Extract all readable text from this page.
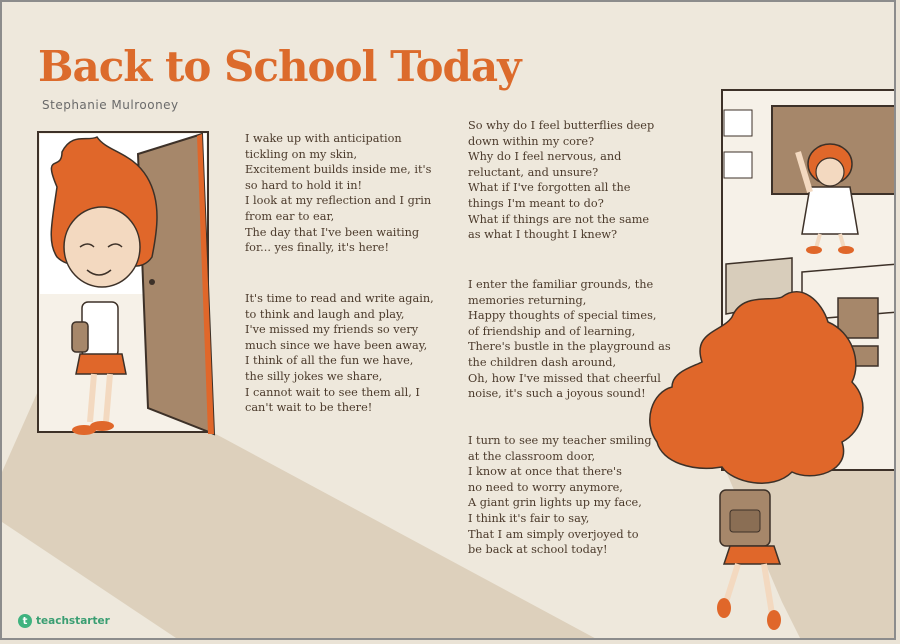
Back to School Today
Stephanie Mulrooney

I wake up with anticipation
tickling on my skin,
Excitement builds inside me, it's
so hard to hold it in!
I look at my reflection and I grin
from ear to ear,
The day that I've been waiting
for... yes finally, it's here!

It's time to read and write again,
to think and laugh and play,
I've missed my friends so very
much since we have been away,
I think of all the fun we have,
the silly jokes we share,
I cannot wait to see them all, I
can't wait to be there!

So why do I feel butterflies deep
down within my core?
Why do I feel nervous, and
reluctant, and unsure?
What if I've forgotten all the
things I'm meant to do?
What if things are not the same
as what I thought I knew?

I enter the familiar grounds, the
memories returning,
Happy thoughts of special times,
of friendship and of learning,
There's bustle in the playground as
the children dash around,
Oh, how I've missed that cheerful
noise, it's such a joyous sound!

I turn to see my teacher smiling
at the classroom door,
I know at once that there's
no need to worry anymore,
A giant grin lights up my face,
I think it's fair to say,
That I am simply overjoyed to
be back at school today!

t teachstarter
